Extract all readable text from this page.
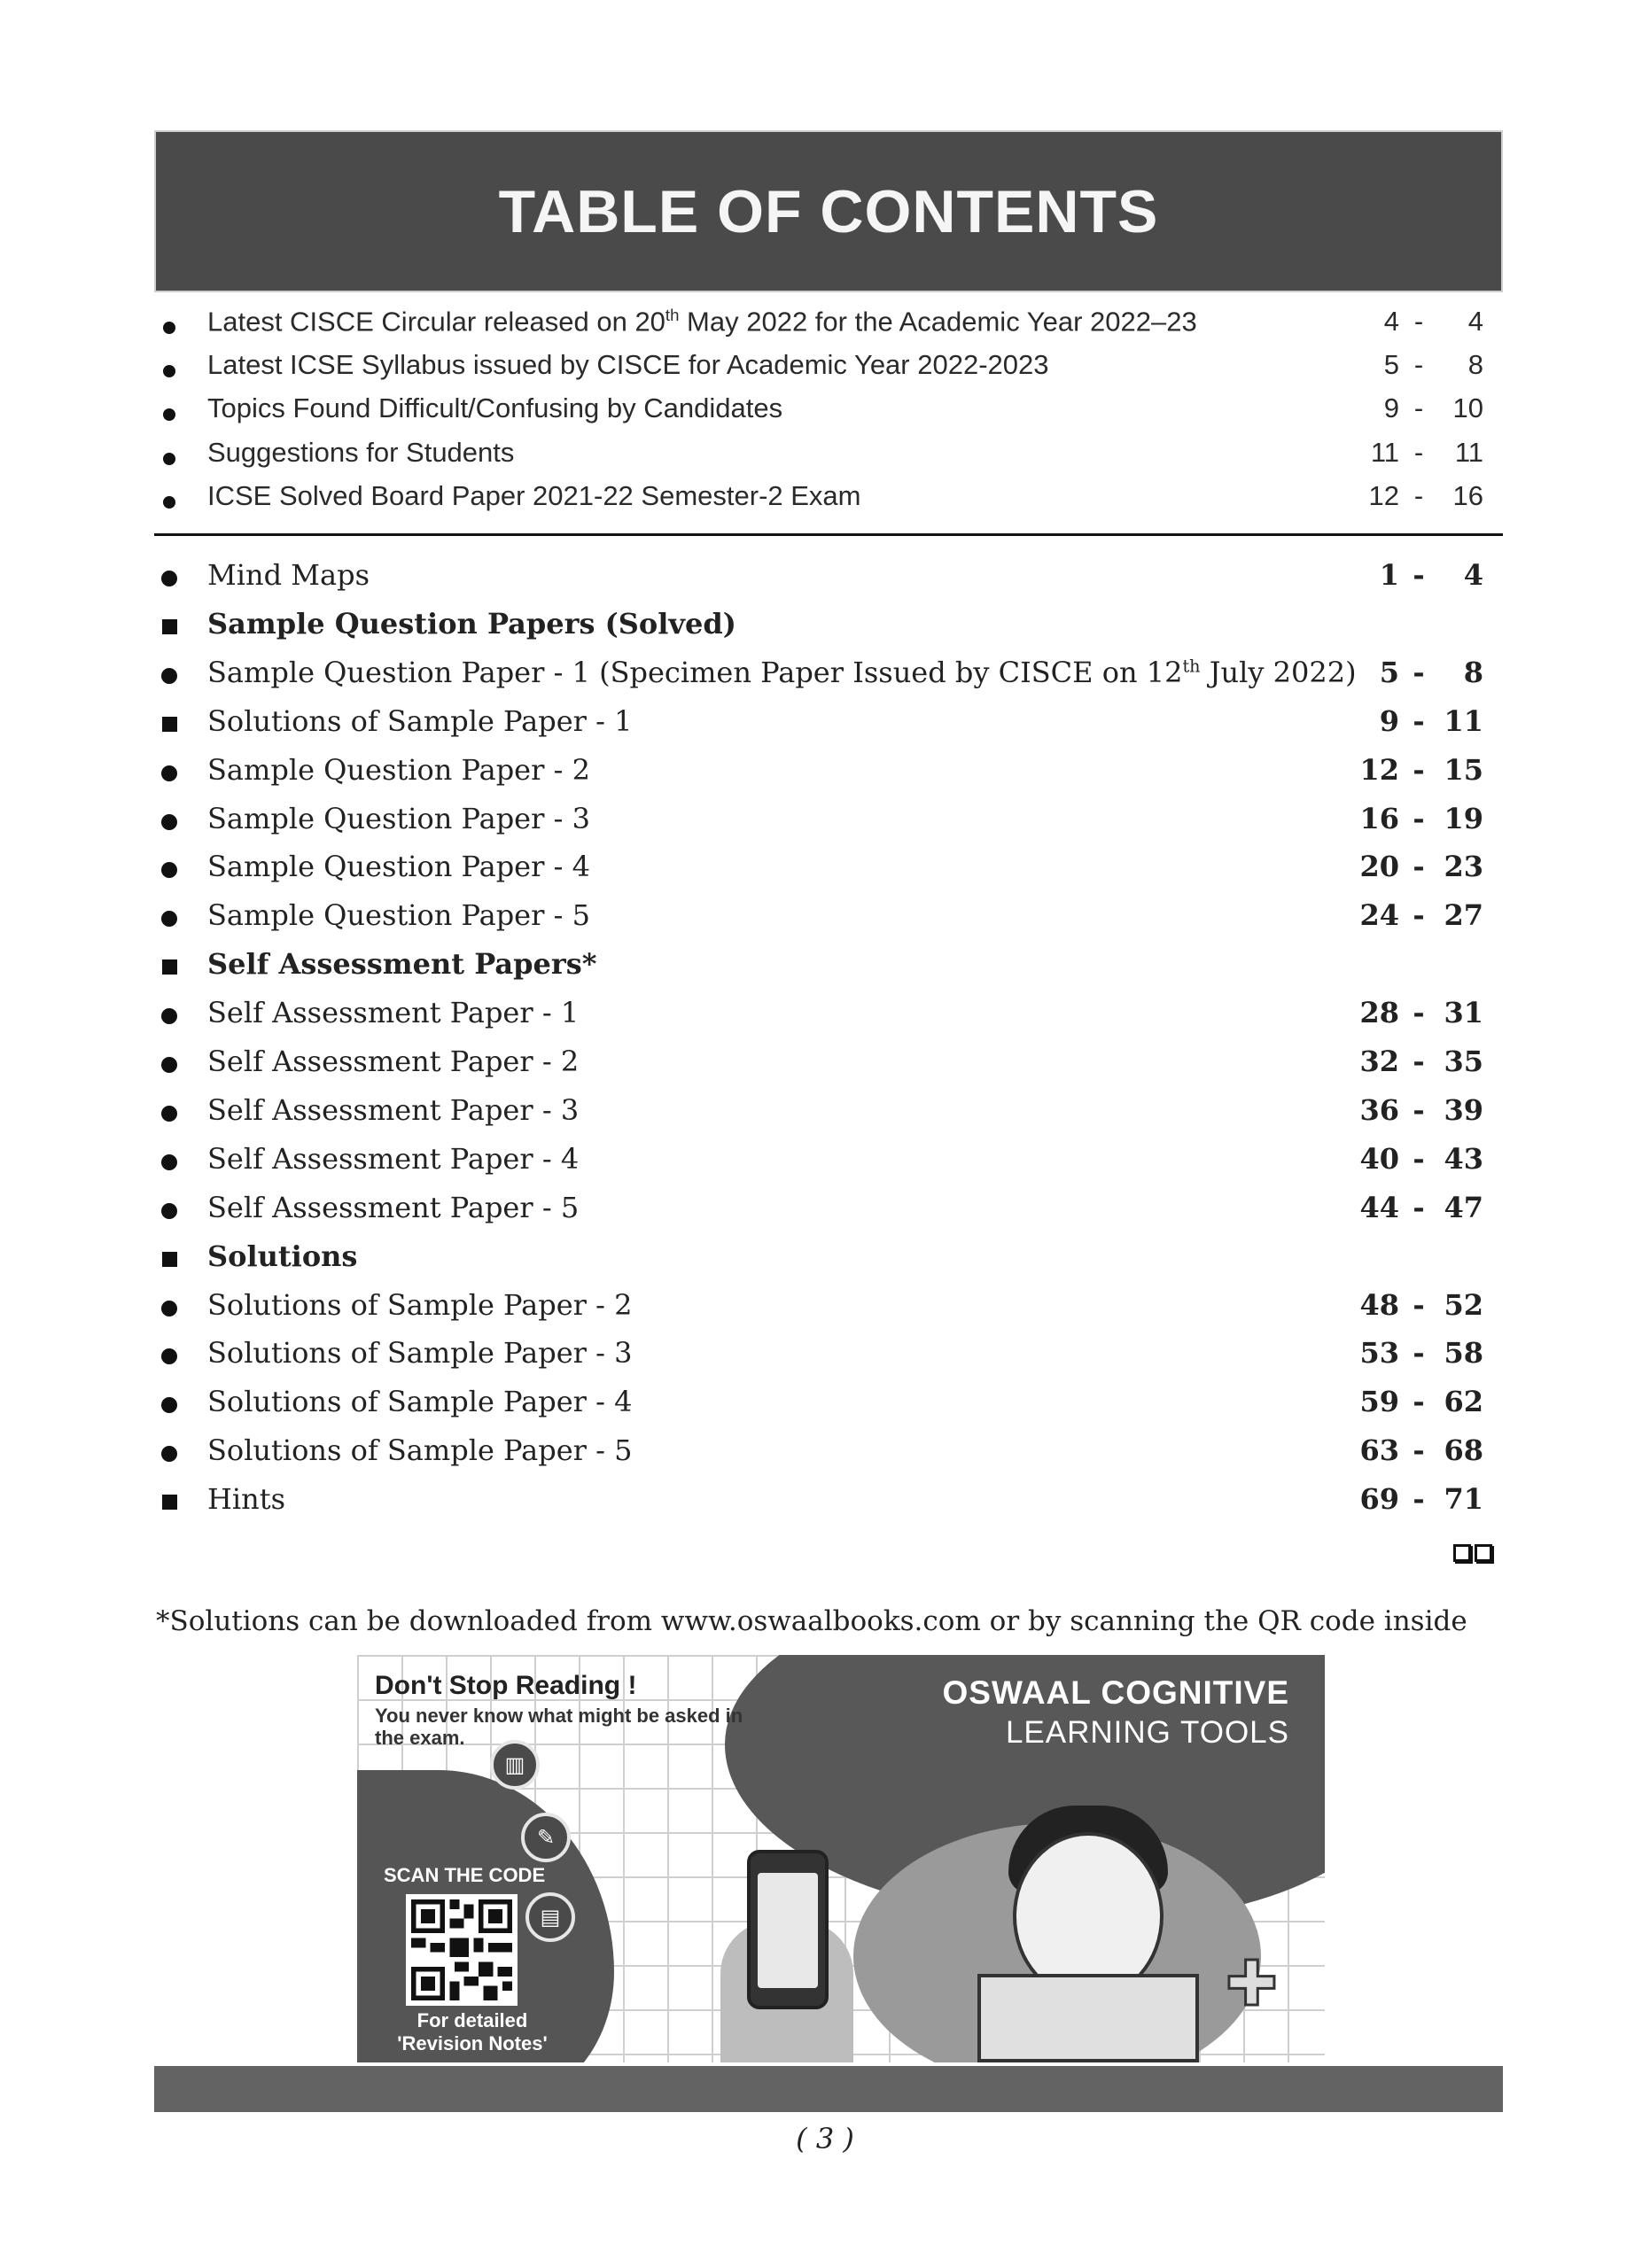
TABLE OF CONTENTS
Latest CISCE Circular released on 20th May 2022 for the Academic Year 2022–23	4 -	4
Latest ICSE Syllabus issued by CISCE for Academic Year 2022-2023	5 -	8
Topics Found Difficult/Confusing by Candidates	9 -	10
Suggestions for Students	11 -	11
ICSE Solved Board Paper 2021-22 Semester-2 Exam	12 -	16
Mind Maps	1 -	4
Sample Question Papers (Solved)
Sample Question Paper - 1 (Specimen Paper Issued by CISCE on 12th July 2022) 5 -	8
Solutions of Sample Paper - 1	9 - 11
Sample Question Paper - 2	12 - 15
Sample Question Paper - 3	16 - 19
Sample Question Paper - 4	20 - 23
Sample Question Paper - 5	24 - 27
Self Assessment Papers*
Self Assessment Paper - 1	28 - 31
Self Assessment Paper - 2	32 - 35
Self Assessment Paper - 3	36 - 39
Self Assessment Paper - 4	40 - 43
Self Assessment Paper - 5	44 - 47
Solutions
Solutions of Sample Paper - 2	48 - 52
Solutions of Sample Paper - 3	53 - 58
Solutions of Sample Paper - 4	59 - 62
Solutions of Sample Paper - 5	63 - 68
Hints	69 - 71
*Solutions can be downloaded from www.oswaalbooks.com or by scanning the QR code inside
Don't Stop Reading !
You never know what might be asked in the exam.
OSWAAL COGNITIVE
LEARNING TOOLS
SCAN THE CODE
For detailed 'Revision Notes'
▥
✎
▤
✚
( 3 )
